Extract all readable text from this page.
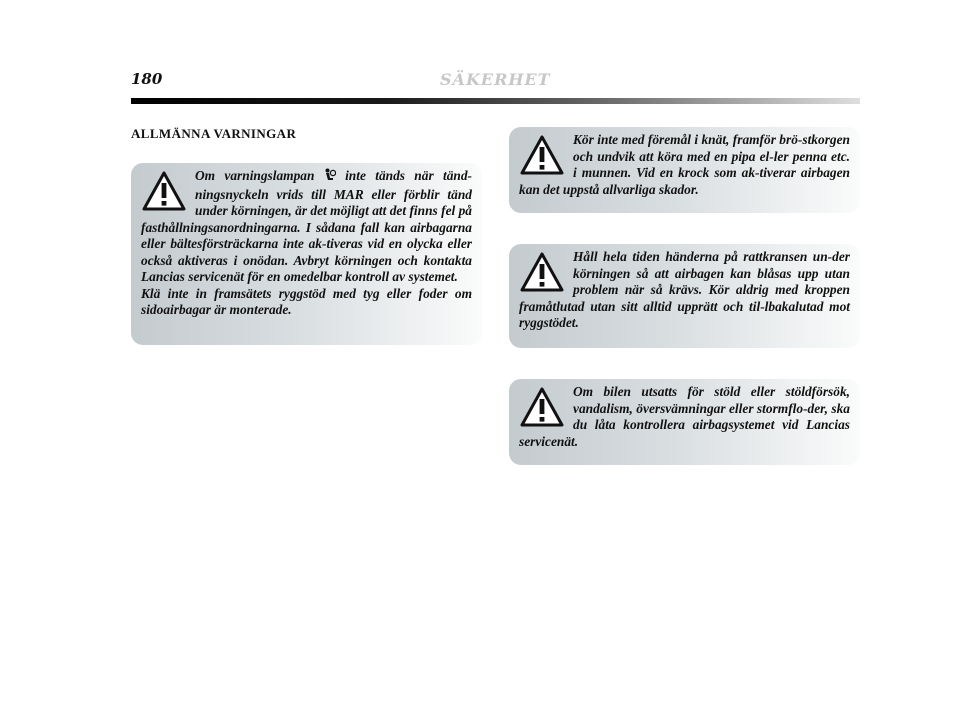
180	SÄKERHET
ALLMÄNNA VARNINGAR

Om varningslampan  inte tänds när tänd-ningsnyckeln vrids till MAR eller förblir tänd under körningen, är det möjligt att det finns fel på fasthållningsanordningarna. I sådana fall kan airbagarna eller bältesförsträckarna inte ak-tiveras vid en olycka eller också aktiveras i onödan. Avbryt körningen och kontakta Lancias servicenät för en omedelbar kontroll av systemet.
Klä inte in framsätets ryggstöd med tyg eller foder om sidoairbagar är monterade.

Kör inte med föremål i knät, framför brö-stkorgen och undvik att köra med en pipa el-ler penna etc. i munnen. Vid en krock som ak-tiverar airbagen kan det uppstå allvarliga skador.

Håll hela tiden händerna på rattkransen un-der körningen så att airbagen kan blåsas upp utan problem när så krävs. Kör aldrig med kroppen framåtlutad utan sitt alltid upprätt och til-lbakalutad mot ryggstödet.

Om bilen utsatts för stöld eller stöldförsök, vandalism, översvämningar eller stormflo-der, ska du låta kontrollera airbagsystemet vid Lancias servicenät.
